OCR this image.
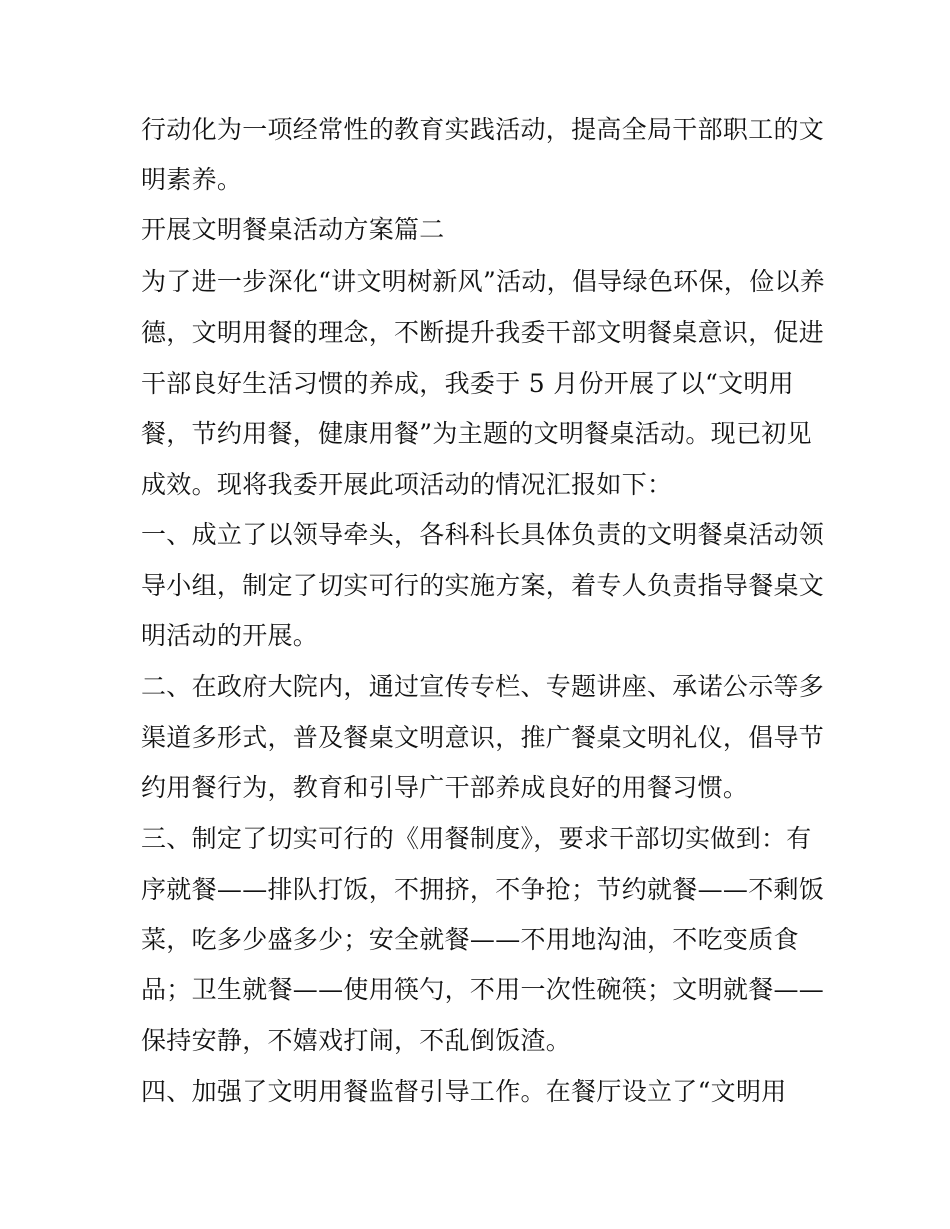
行动化为一项经常性的教育实践活动，提高全局干部职工的文
明素养。
开展文明餐桌活动方案篇二
为了进一步深化“讲文明树新风”活动，倡导绿色环保，俭以养
德，文明用餐的理念，不断提升我委干部文明餐桌意识，促进
干部良好生活习惯的养成，我委于 5 月份开展了以“文明用
餐，节约用餐，健康用餐”为主题的文明餐桌活动。现已初见
成效。现将我委开展此项活动的情况汇报如下：
一、成立了以领导牵头，各科科长具体负责的文明餐桌活动领
导小组，制定了切实可行的实施方案，着专人负责指导餐桌文
明活动的开展。
二、在政府大院内，通过宣传专栏、专题讲座、承诺公示等多
渠道多形式，普及餐桌文明意识，推广餐桌文明礼仪，倡导节
约用餐行为，教育和引导广干部养成良好的用餐习惯。
三、制定了切实可行的《用餐制度》，要求干部切实做到：有
序就餐——排队打饭，不拥挤，不争抢；节约就餐——不剩饭
菜，吃多少盛多少；安全就餐——不用地沟油，不吃变质食
品；卫生就餐——使用筷勺，不用一次性碗筷；文明就餐——
保持安静，不嬉戏打闹，不乱倒饭渣。
四、加强了文明用餐监督引导工作。在餐厅设立了“文明用
